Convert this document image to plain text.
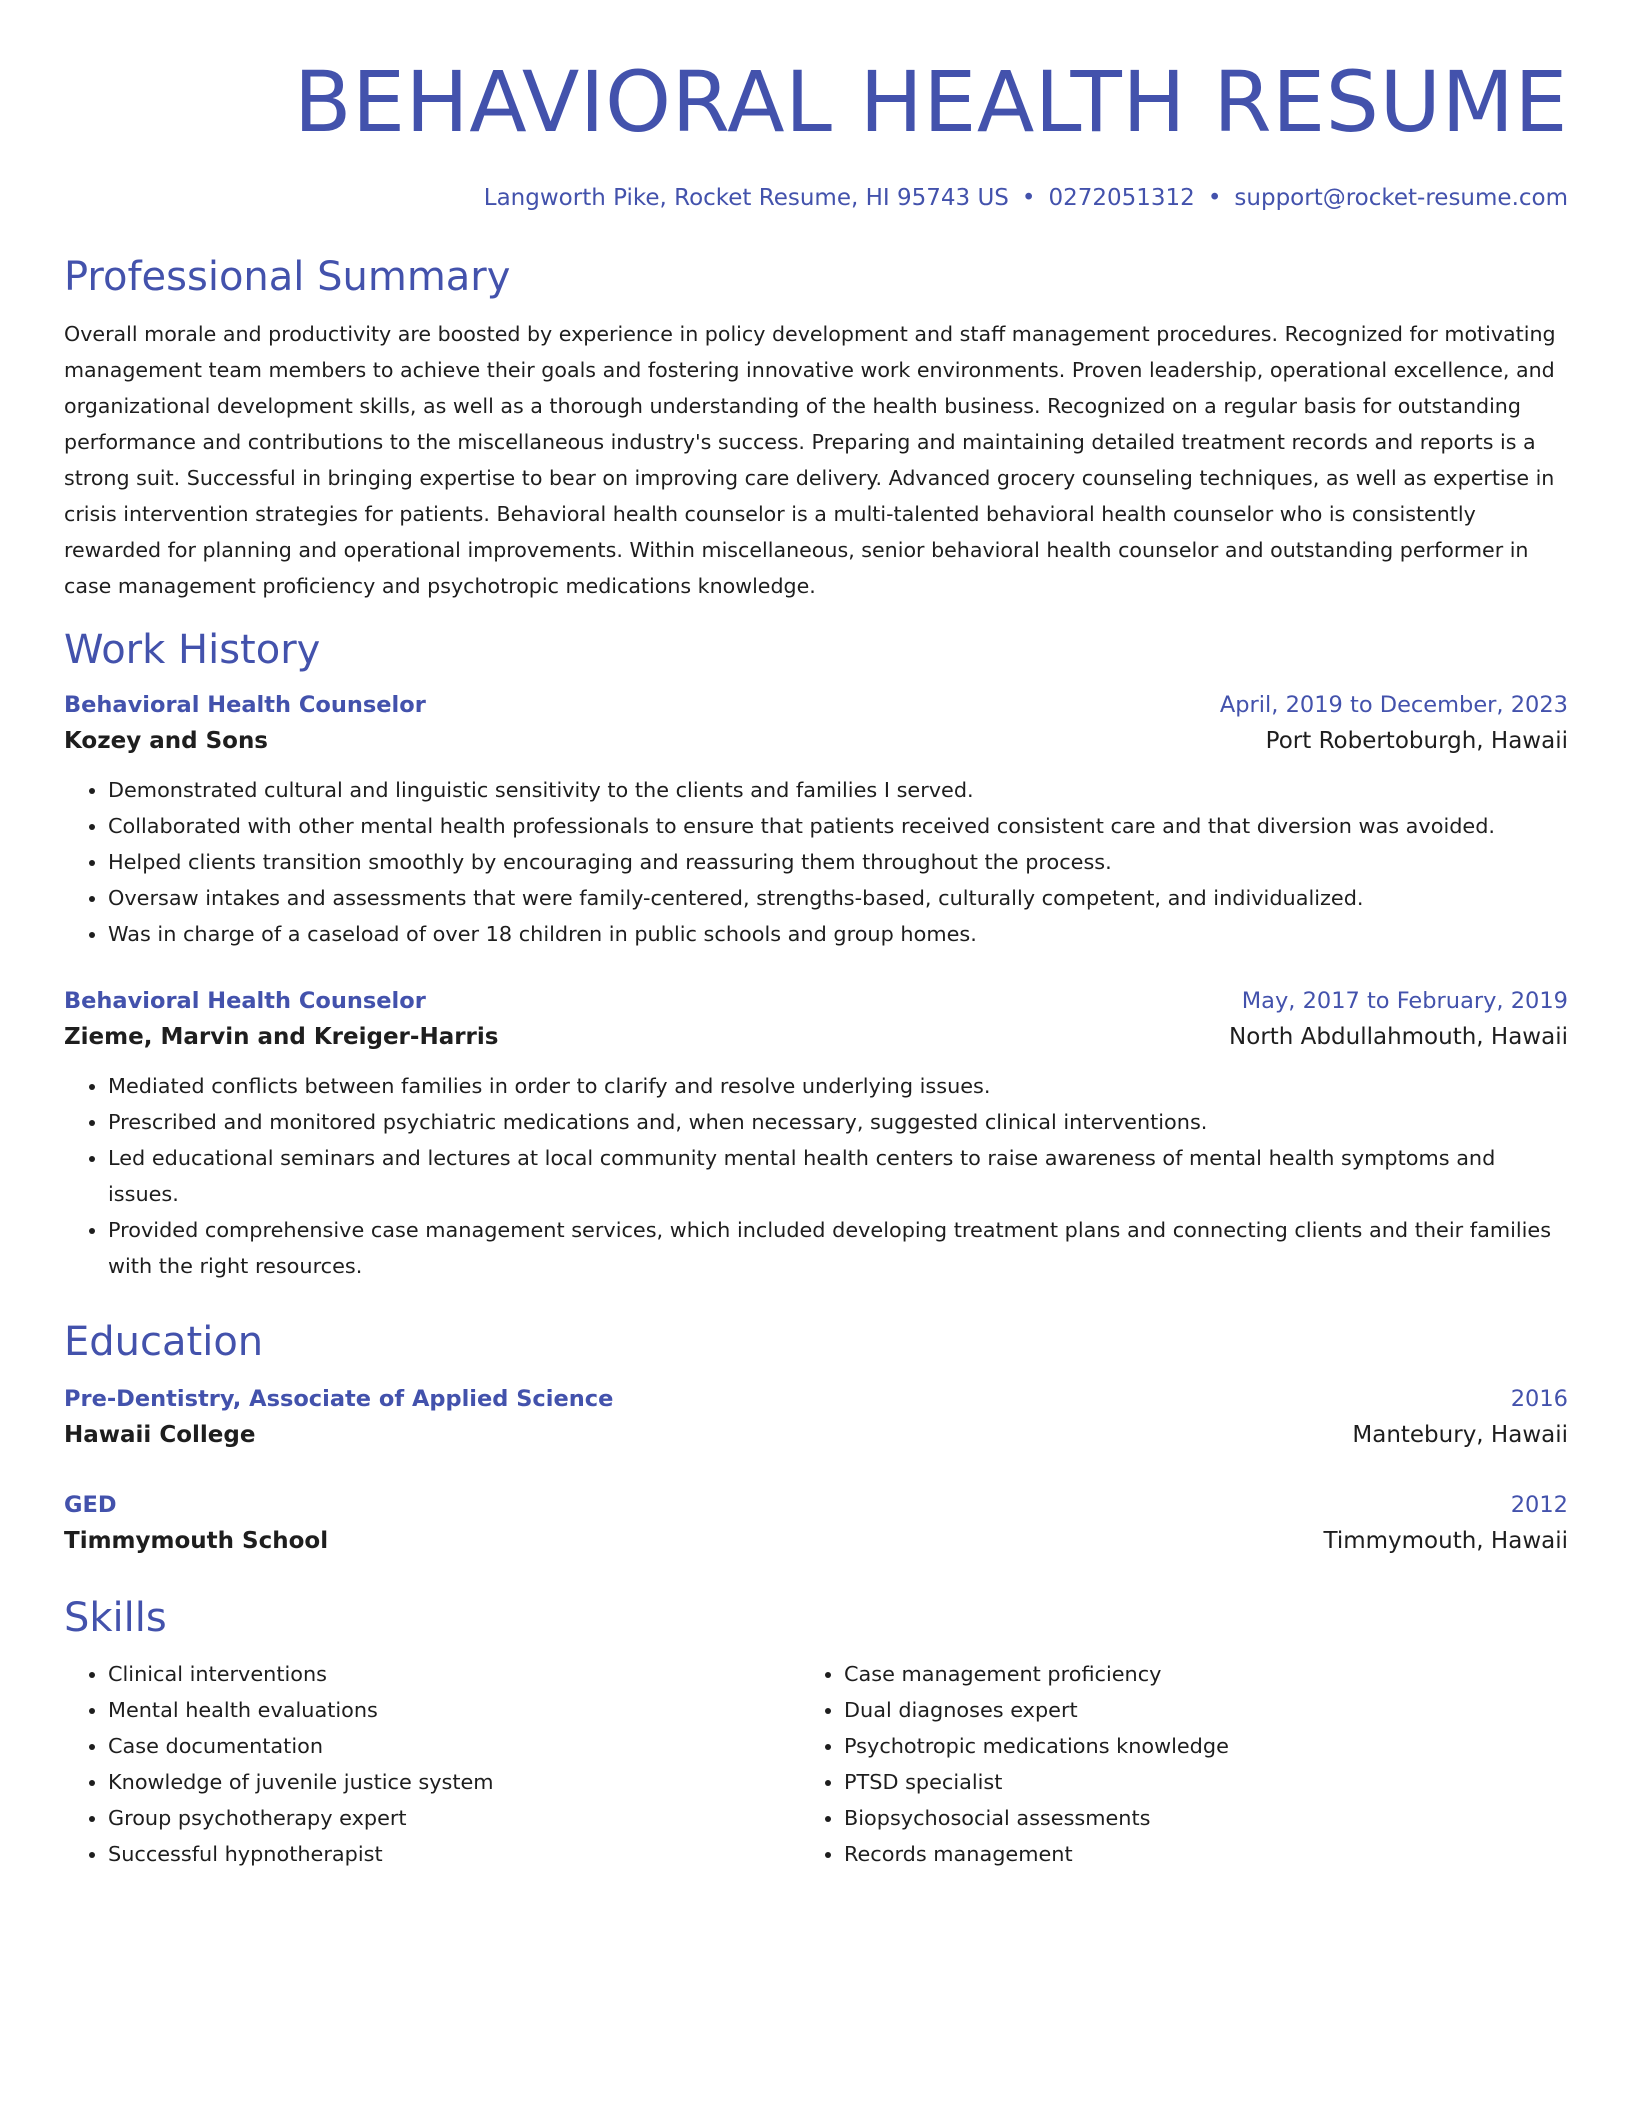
BEHAVIORAL HEALTH RESUME
Langworth Pike, Rocket Resume, HI 95743 US • 0272051312 • support@rocket-resume.com
Professional Summary

Overall morale and productivity are boosted by experience in policy development and staff management procedures. Recognized for motivating management team members to achieve their goals and fostering innovative work environments. Proven leadership, operational excellence, and organizational development skills, as well as a thorough understanding of the health business. Recognized on a regular basis for outstanding performance and contributions to the miscellaneous industry's success. Preparing and maintaining detailed treatment records and reports is a strong suit. Successful in bringing expertise to bear on improving care delivery. Advanced grocery counseling techniques, as well as expertise in crisis intervention strategies for patients. Behavioral health counselor is a multi-talented behavioral health counselor who is consistently rewarded for planning and operational improvements. Within miscellaneous, senior behavioral health counselor and outstanding performer in case management proficiency and psychotropic medications knowledge.

Work History
Behavioral Health Counselor	April, 2019 to December, 2023
Kozey and Sons	Port Robertoburgh, Hawaii
• Demonstrated cultural and linguistic sensitivity to the clients and families I served.
• Collaborated with other mental health professionals to ensure that patients received consistent care and that diversion was avoided.
• Helped clients transition smoothly by encouraging and reassuring them throughout the process.
• Oversaw intakes and assessments that were family-centered, strengths-based, culturally competent, and individualized.
• Was in charge of a caseload of over 18 children in public schools and group homes.
Behavioral Health Counselor	May, 2017 to February, 2019
Zieme, Marvin and Kreiger-Harris	North Abdullahmouth, Hawaii
• Mediated conflicts between families in order to clarify and resolve underlying issues.
• Prescribed and monitored psychiatric medications and, when necessary, suggested clinical interventions.
• Led educational seminars and lectures at local community mental health centers to raise awareness of mental health symptoms and issues.
• Provided comprehensive case management services, which included developing treatment plans and connecting clients and their families with the right resources.
Education
Pre-Dentistry, Associate of Applied Science	2016
Hawaii College	Mantebury, Hawaii
GED	2012
Timmymouth School	Timmymouth, Hawaii
Skills
• Clinical interventions
• Mental health evaluations
• Case documentation
• Knowledge of juvenile justice system
• Group psychotherapy expert
• Successful hypnotherapist
• Case management proficiency
• Dual diagnoses expert
• Psychotropic medications knowledge
• PTSD specialist
• Biopsychosocial assessments
• Records management
